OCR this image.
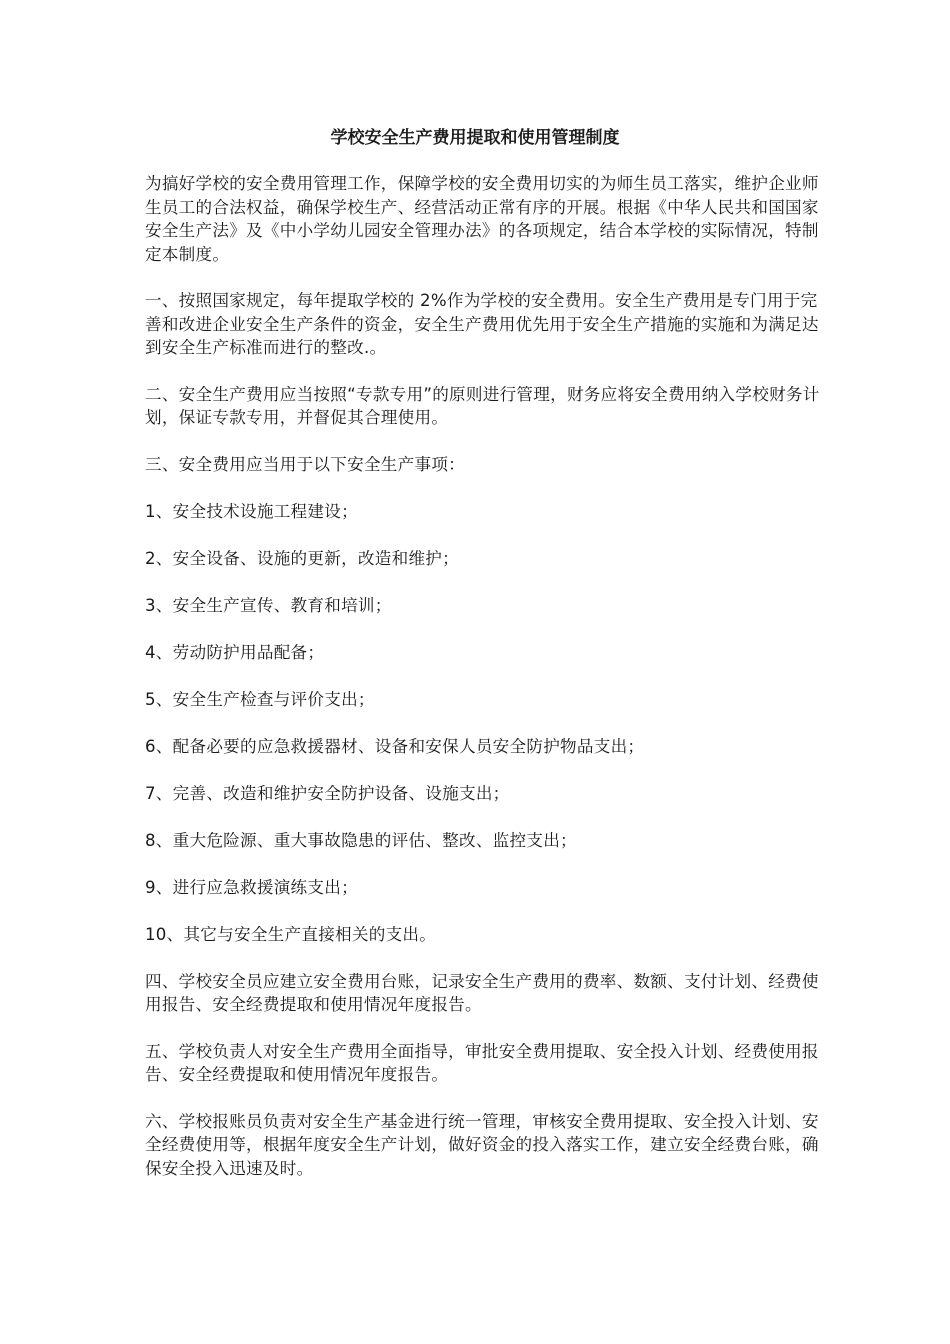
学校安全生产费用提取和使用管理制度

为搞好学校的安全费用管理工作，保障学校的安全费用切实的为师生员工落实，维护企业师生员工的合法权益，确保学校生产、经营活动正常有序的开展。根据《中华人民共和国国家安全生产法》及《中小学幼儿园安全管理办法》的各项规定，结合本学校的实际情况，特制定本制度。

一、按照国家规定，每年提取学校的 2%作为学校的安全费用。安全生产费用是专门用于完善和改进企业安全生产条件的资金，安全生产费用优先用于安全生产措施的实施和为满足达到安全生产标准而进行的整改.。

二、安全生产费用应当按照“专款专用”的原则进行管理，财务应将安全费用纳入学校财务计划，保证专款专用，并督促其合理使用。

三、安全费用应当用于以下安全生产事项：

1、安全技术设施工程建设；

2、安全设备、设施的更新，改造和维护；

3、安全生产宣传、教育和培训；

4、劳动防护用品配备；

5、安全生产检查与评价支出；

6、配备必要的应急救援器材、设备和安保人员安全防护物品支出；

7、完善、改造和维护安全防护设备、设施支出；

8、重大危险源、重大事故隐患的评估、整改、监控支出；

9、进行应急救援演练支出；

10、其它与安全生产直接相关的支出。

四、学校安全员应建立安全费用台账，记录安全生产费用的费率、数额、支付计划、经费使用报告、安全经费提取和使用情况年度报告。

五、学校负责人对安全生产费用全面指导，审批安全费用提取、安全投入计划、经费使用报告、安全经费提取和使用情况年度报告。

六、学校报账员负责对安全生产基金进行统一管理，审核安全费用提取、安全投入计划、安全经费使用等，根据年度安全生产计划，做好资金的投入落实工作，建立安全经费台账，确保安全投入迅速及时。
